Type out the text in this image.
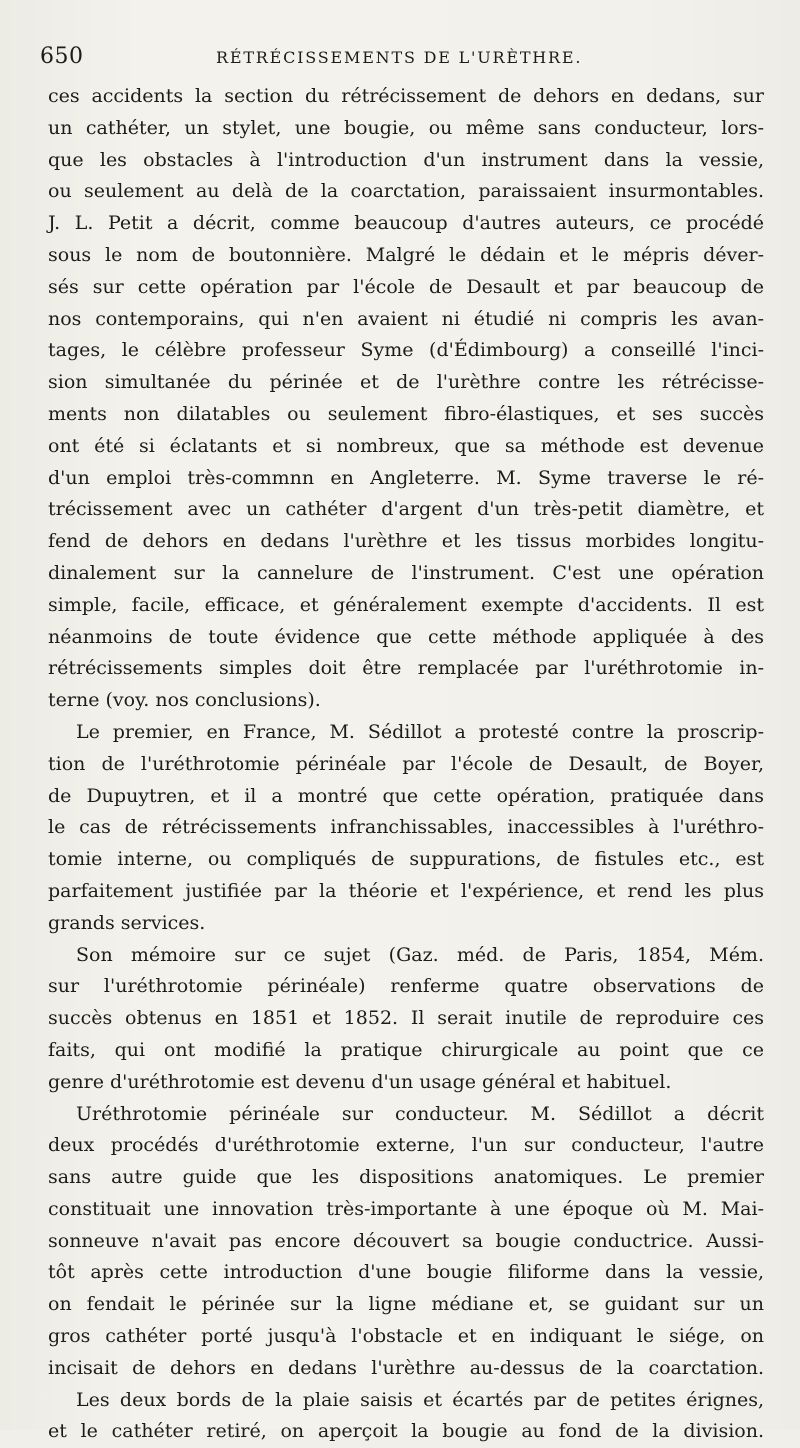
650	RÉTRÉCISSEMENTS DE L'URÈTHRE.
ces accidents la section du rétrécissement de dehors en dedans, sur
un cathéter, un stylet, une bougie, ou même sans conducteur, lors-
que les obstacles à l'introduction d'un instrument dans la vessie,
ou seulement au delà de la coarctation, paraissaient insurmontables.
J. L. Petit a décrit, comme beaucoup d'autres auteurs, ce procédé
sous le nom de boutonnière. Malgré le dédain et le mépris déver-
sés sur cette opération par l'école de Desault et par beaucoup de
nos contemporains, qui n'en avaient ni étudié ni compris les avan-
tages, le célèbre professeur Syme (d'Édimbourg) a conseillé l'inci-
sion simultanée du périnée et de l'urèthre contre les rétrécisse-
ments non dilatables ou seulement fibro-élastiques, et ses succès
ont été si éclatants et si nombreux, que sa méthode est devenue
d'un emploi très-commnn en Angleterre. M. Syme traverse le ré-
trécissement avec un cathéter d'argent d'un très-petit diamètre, et
fend de dehors en dedans l'urèthre et les tissus morbides longitu-
dinalement sur la cannelure de l'instrument. C'est une opération
simple, facile, efficace, et généralement exempte d'accidents. Il est
néanmoins de toute évidence que cette méthode appliquée à des
rétrécissements simples doit être remplacée par l'uréthrotomie in-
terne (voy. nos conclusions).
Le premier, en France, M. Sédillot a protesté contre la proscrip-
tion de l'uréthrotomie périnéale par l'école de Desault, de Boyer,
de Dupuytren, et il a montré que cette opération, pratiquée dans
le cas de rétrécissements infranchissables, inaccessibles à l'uréthro-
tomie interne, ou compliqués de suppurations, de fistules etc., est
parfaitement justifiée par la théorie et l'expérience, et rend les plus
grands services.
Son mémoire sur ce sujet (Gaz. méd. de Paris, 1854, Mém.
sur l'uréthrotomie périnéale) renferme quatre observations de
succès obtenus en 1851 et 1852. Il serait inutile de reproduire ces
faits, qui ont modifié la pratique chirurgicale au point que ce
genre d'uréthrotomie est devenu d'un usage général et habituel.
Uréthrotomie périnéale sur conducteur. M. Sédillot a décrit
deux procédés d'uréthrotomie externe, l'un sur conducteur, l'autre
sans autre guide que les dispositions anatomiques. Le premier
constituait une innovation très-importante à une époque où M. Mai-
sonneuve n'avait pas encore découvert sa bougie conductrice. Aussi-
tôt après cette introduction d'une bougie filiforme dans la vessie,
on fendait le périnée sur la ligne médiane et, se guidant sur un
gros cathéter porté jusqu'à l'obstacle et en indiquant le siége, on
incisait de dehors en dedans l'urèthre au-dessus de la coarctation.
Les deux bords de la plaie saisis et écartés par de petites érignes,
et le cathéter retiré, on aperçoit la bougie au fond de la division.
